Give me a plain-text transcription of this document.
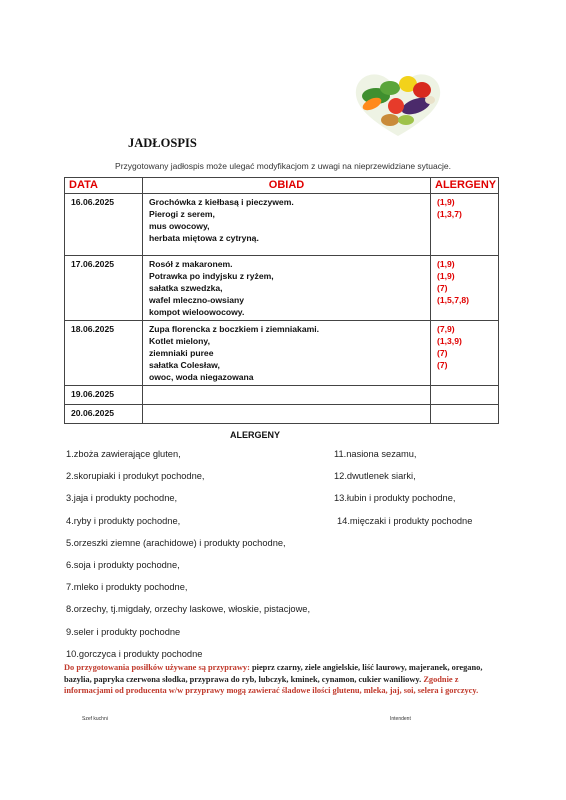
JADŁOSPIS
Przygotowany jadłospis może ulegać modyfikacjom z uwagi na nieprzewidziane sytuacje.
DATA	OBIAD	ALERGENY
16.06.2025	Grochówka z kiełbasą i pieczywem.
Pierogi z serem,
mus owocowy,
herbata miętowa z cytryną.	(1,9)
(1,3,7)

17.06.2025	Rosół z makaronem.
Potrawka po indyjsku z ryżem,
sałatka szwedzka,
wafel mleczno-owsiany
kompot wieloowocowy.	(1,9)
(1,9)
(7)
(1,5,7,8)

18.06.2025	Zupa florencka z boczkiem i ziemniakami.
Kotlet mielony,
ziemniaki puree
sałatka Colesław,
owoc, woda niegazowana	(7,9)
(1,3,9)
(7)
(7)

19.06.2025		
20.06.2025		
ALERGENY
1.zboża zawierające gluten,
2.skorupiaki i produkyt pochodne,
3.jaja i produkty pochodne,
4.ryby i produkty pochodne,
5.orzeszki ziemne (arachidowe) i produkty pochodne,
6.soja i produkty pochodne,
7.mleko i produkty pochodne,
8.orzechy, tj.migdały, orzechy laskowe, włoskie, pistacjowe,
9.seler i produkty pochodne
10.gorczyca i produkty pochodne
11.nasiona sezamu,
12.dwutlenek siarki,
13.łubin i produkty pochodne,
14.mięczaki i produkty pochodne
Do przygotowania posiłków używane są przyprawy: pieprz czarny, ziele angielskie, liść laurowy, majeranek, oregano, bazylia, papryka czerwona słodka, przyprawa do ryb, lubczyk, kminek, cynamon, cukier waniliowy. Zgodnie z informacjami od producenta w/w przyprawy mogą zawierać śladowe ilości glutenu, mleka, jaj, soi, selera i gorczycy.
Szef kuchni	Intendent
